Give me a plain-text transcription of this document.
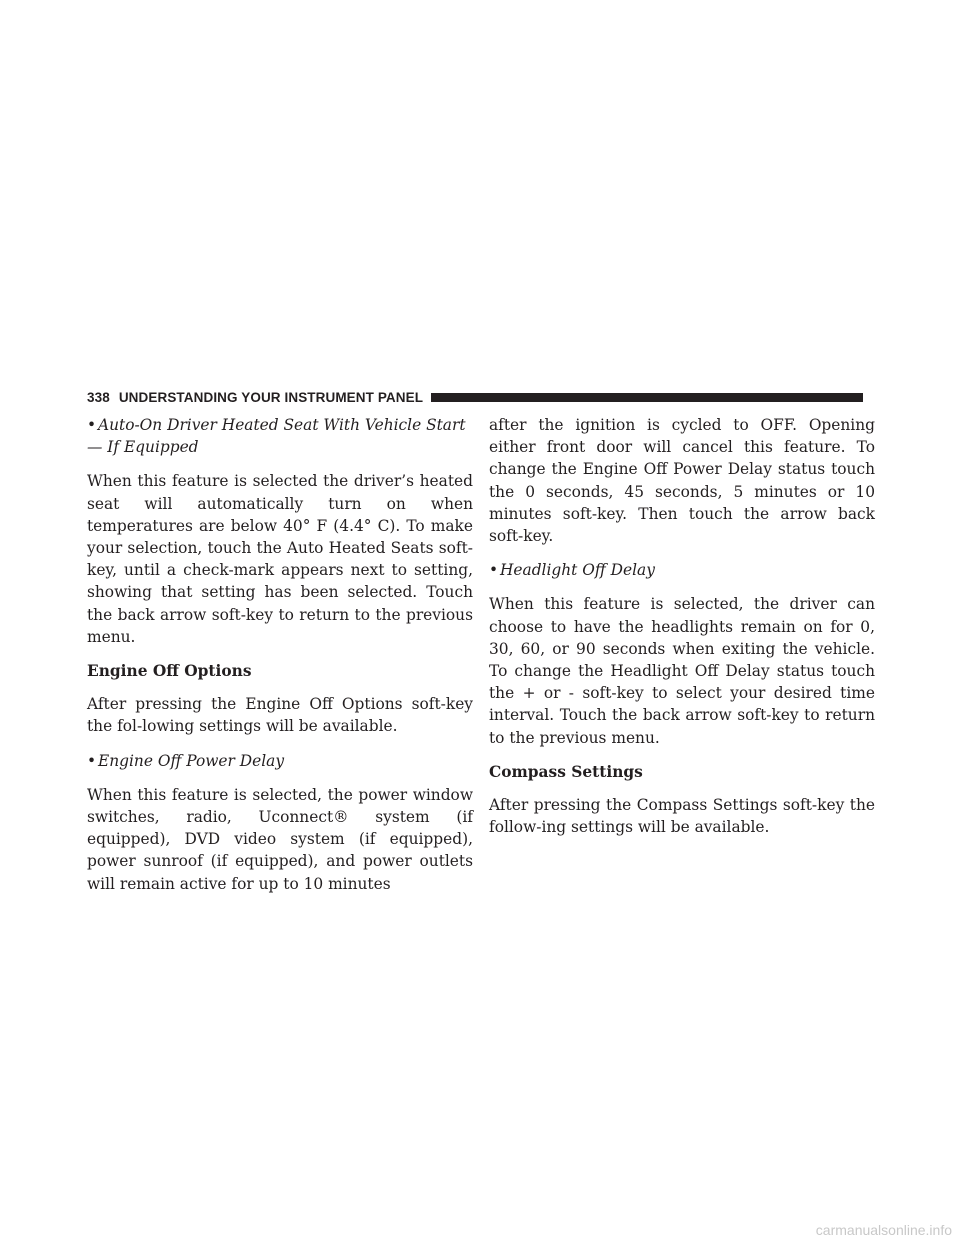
338 UNDERSTANDING YOUR INSTRUMENT PANEL
• Auto-On Driver Heated Seat With Vehicle Start — If Equipped

When this feature is selected the driver’s heated seat will automatically turn on when temperatures are below 40° F (4.4° C). To make your selection, touch the Auto Heated Seats soft-key, until a check-mark appears next to setting, showing that setting has been selected. Touch the back arrow soft-key to return to the previous menu.

Engine Off Options

After pressing the Engine Off Options soft-key the fol-lowing settings will be available.

• Engine Off Power Delay

When this feature is selected, the power window switches, radio, Uconnect® system (if equipped), DVD video system (if equipped), power sunroof (if equipped), and power outlets will remain active for up to 10 minutes

after the ignition is cycled to OFF. Opening either front door will cancel this feature. To change the Engine Off Power Delay status touch the 0 seconds, 45 seconds, 5 minutes or 10 minutes soft-key. Then touch the arrow back soft-key.

• Headlight Off Delay

When this feature is selected, the driver can choose to have the headlights remain on for 0, 30, 60, or 90 seconds when exiting the vehicle. To change the Headlight Off Delay status touch the + or - soft-key to select your desired time interval. Touch the back arrow soft-key to return to the previous menu.

Compass Settings

After pressing the Compass Settings soft-key the follow-ing settings will be available.

carmanualsonline.info
